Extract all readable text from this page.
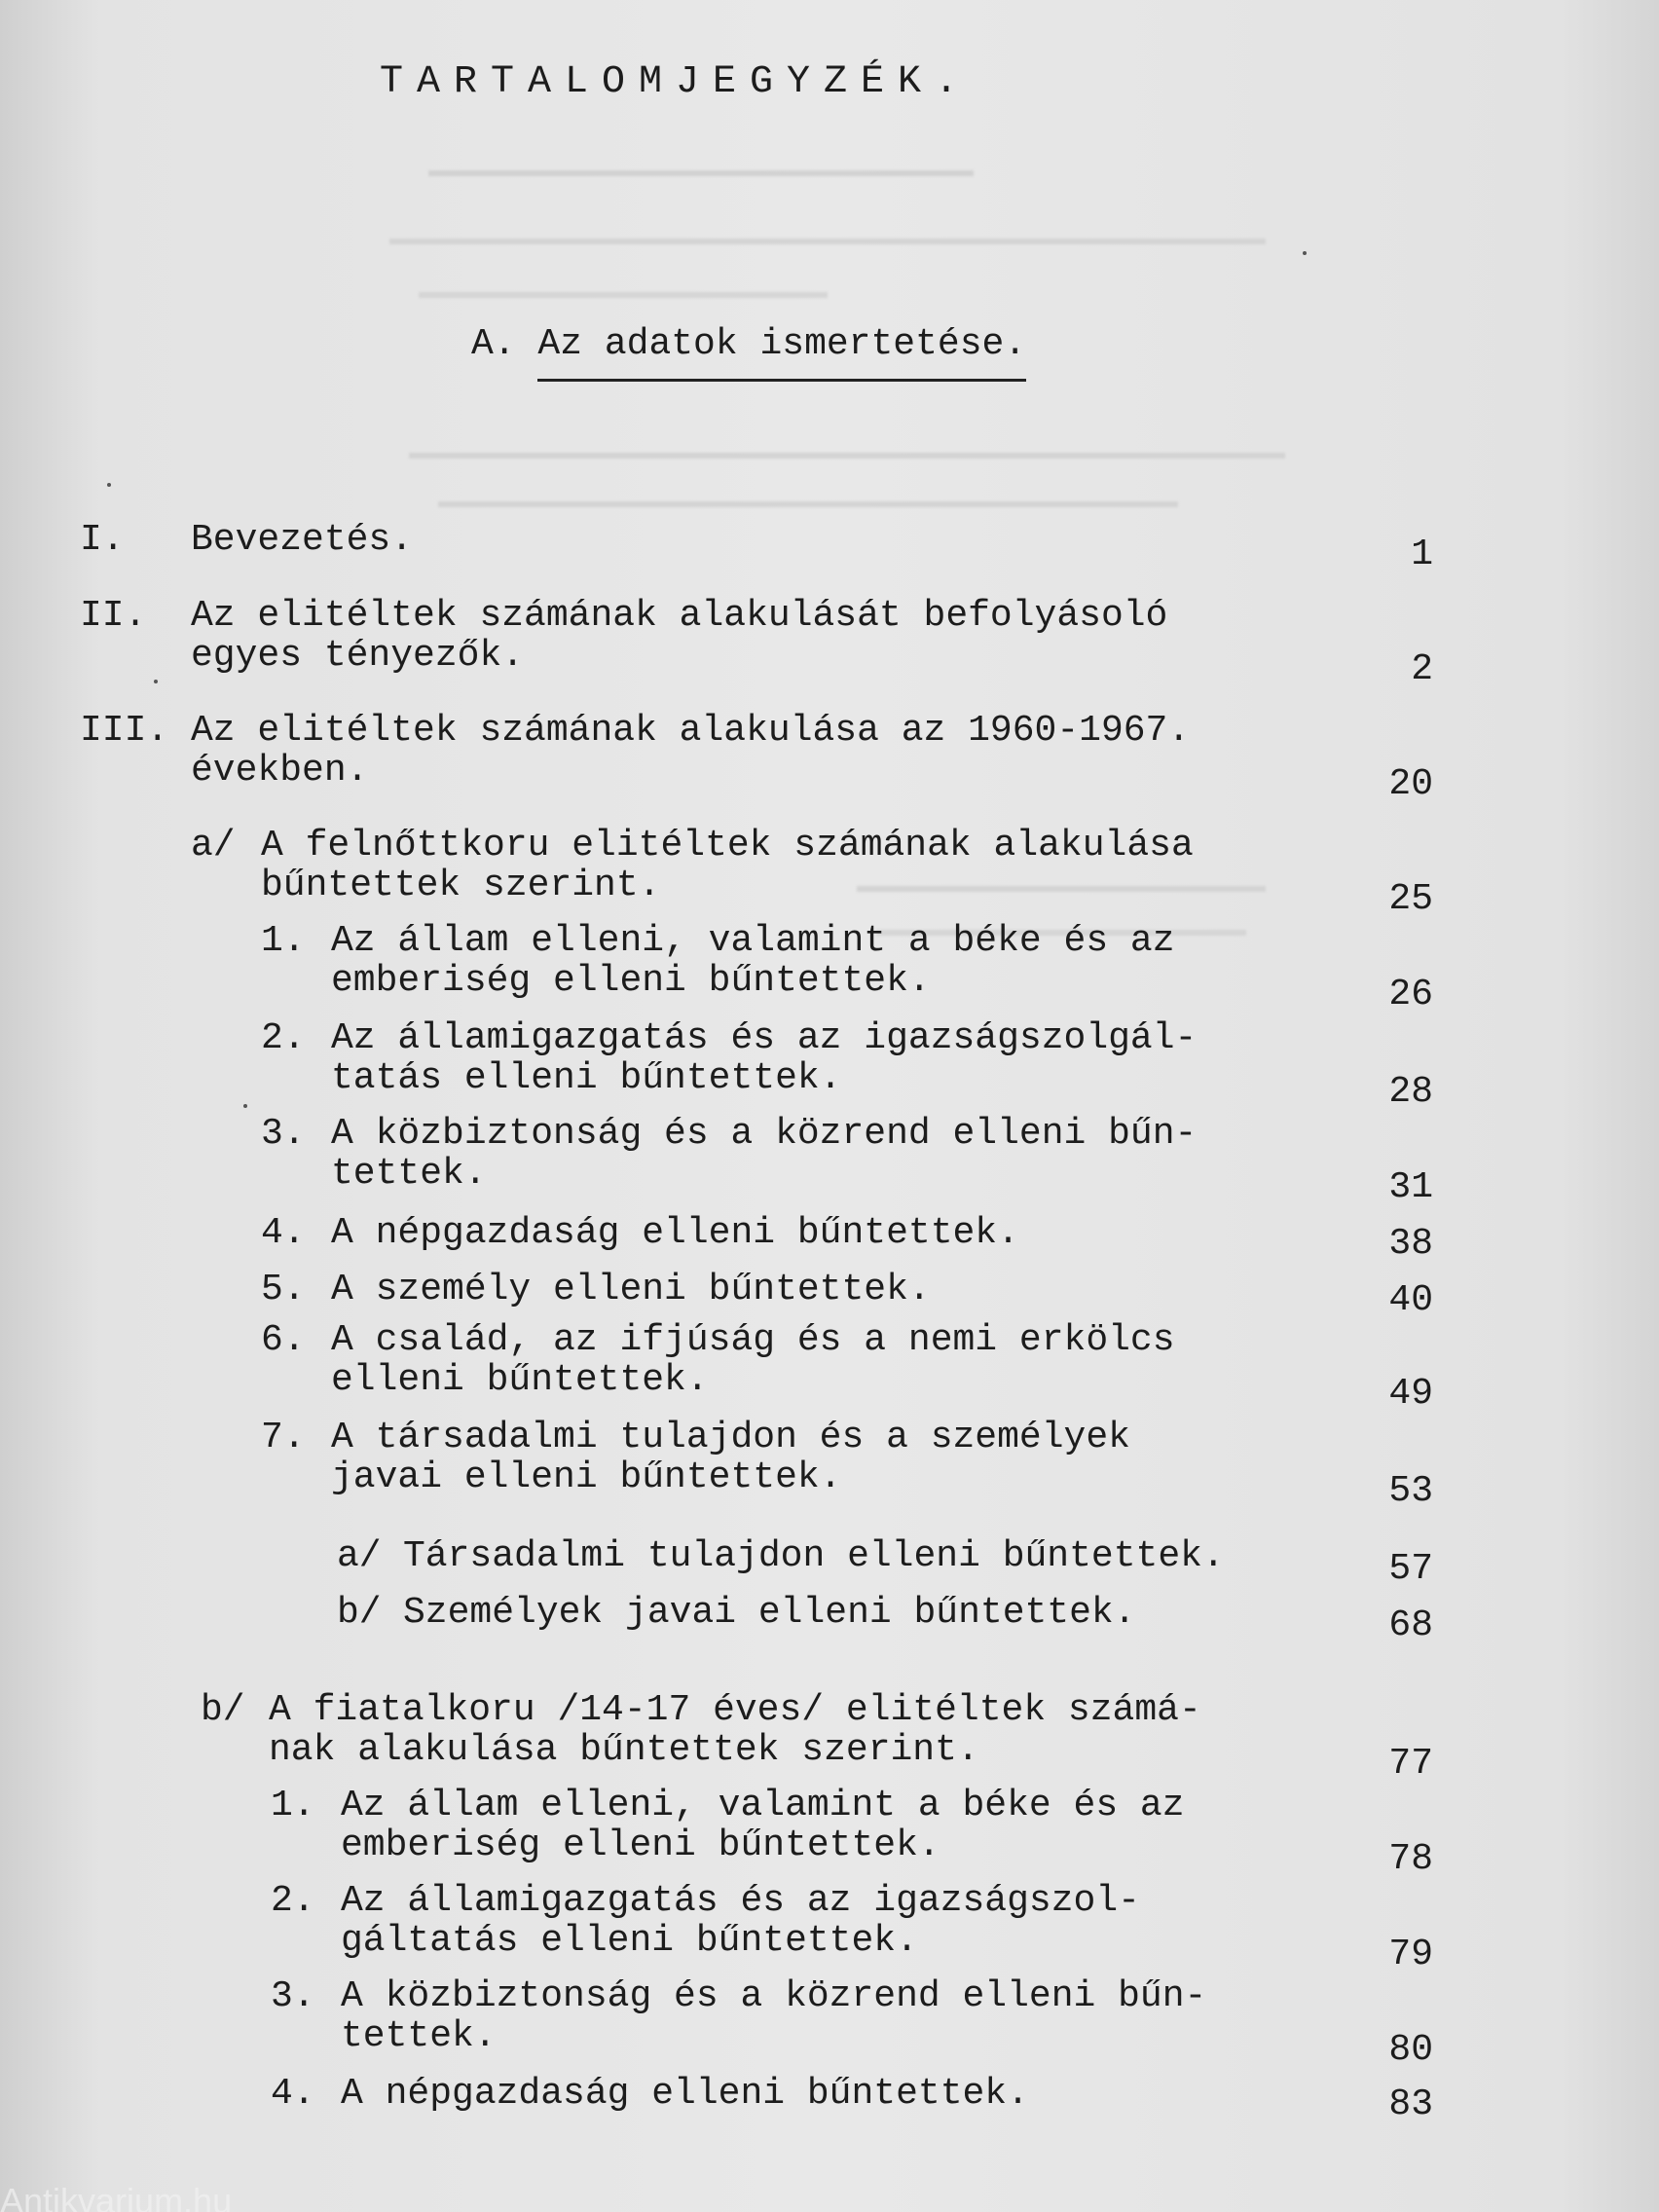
TARTALOMJEGYZÉK.
A. Az adatok ismertetése.
I. Bevezetés.	1
II. Az elitéltek számának alakulását befolyásoló
egyes tényezők.	2
III. Az elitéltek számának alakulása az 1960-1967.
években.	20
a/ A felnőttkoru elitéltek számának alakulása
bűntettek szerint.	25
1. Az állam elleni, valamint a béke és az
emberiség elleni bűntettek.	26
2. Az államigazgatás és az igazságszolgál-
tatás elleni bűntettek.	28
3. A közbiztonság és a közrend elleni bűn-
tettek.	31
4. A népgazdaság elleni bűntettek.	38
5. A személy elleni bűntettek.	40
6. A család, az ifjúság és a nemi erkölcs
elleni bűntettek.	49
7. A társadalmi tulajdon és a személyek
javai elleni bűntettek.	53
a/ Társadalmi tulajdon elleni bűntettek.	57
b/ Személyek javai elleni bűntettek.	68
b/ A fiatalkoru /14-17 éves/ elitéltek számá-
nak alakulása bűntettek szerint.	77
1. Az állam elleni, valamint a béke és az
emberiség elleni bűntettek.	78
2. Az államigazgatás és az igazságszol-
gáltatás elleni bűntettek.	79
3. A közbiztonság és a közrend elleni bűn-
tettek.	80
4. A népgazdaság elleni bűntettek.	83
Antikvarium.hu
